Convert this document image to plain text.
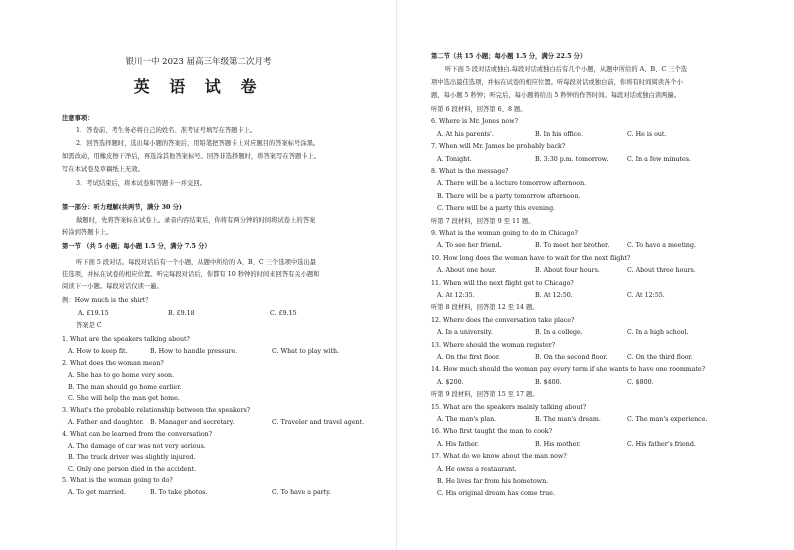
银川一中 2023 届高三年级第二次月考
英 语 试 卷
注意事项：
1．答卷前，考生务必将自己的姓名、准考证号填写在答题卡上。
2．回答选择题时，选出每小题的答案后，用铅笔把答题卡上对应题目的答案标号涂黑。
如需改动，用橡皮擦干净后，再选涂其他答案标号。回答非选择题时，将答案写在答题卡上。
写在本试卷及草稿纸上无效。
3．考试结束后，将本试卷和答题卡一并交回。
第一部分：听力理解(共两节，满分 30 分)
做题时，先将答案标在试卷上。录音内容结束后，你将有两分钟的时间将试卷上的答案
转涂到答题卡上。
第一节 （共 5 小题；每小题 1.5 分，满分 7.5 分）
听下面 5 段对话。每段对话后有一个小题，从题中所给的 A、B、C 三个选项中选出最
佳选项，并标在试卷的相应位置。听完每段对话后，你都有 10 秒钟的时间来回答有关小题和
阅读下一小题。每段对话仅读一遍。
例：How much is the shirt？
A. £19.15	B. £9.18	C. £9.15
答案是 C
1. What are the speakers talking about?
A. How to keep fit.	B. How to handle pressure.	C. What to play with.
2. What does the woman mean?
A. She has to go home very soon.
B. The man should go home earlier.
C. She will help the man get home.
3. What's the probable relationship between the speakers?
A. Father and daughter. B. Manager and secretary.	C. Traveler and travel agent.
4. What can be learned from the conversation?
A. The damage of car was not very serious.
B. The truck driver was slightly injured.
C. Only one person died in the accident.
5. What is the woman going to do?
A. To get married.	B. To take photos.	C. To have a party.
第二节（共 15 小题；每小题 1.5 分，满分 22.5 分）
听下面 5 段对话或独白.每段对话或独白后有几个小题，从题中所给的 A、B、C 三个选
项中选出最佳选项，并标在试卷的相应位置。听每段对话或独白前，你将有时间阅读各个小
题，每小题 5 秒钟；听完后，每小题将给出 5 秒钟的作答时间。每段对话或独白读两遍。
听第 6 段材料，回答第 6、8 题。
6. Where is Mr. Jones now?
A. At his parents'.	B. In his office.	C. He is out.
7. When will Mr. James be probably back?
A. Tonight.	B. 3:30 p.m. tomorrow.	C. In a few minutes.
8. What is the message?
A. There will be a lecture tomorrow afternoon.
B. There will be a party tomorrow afternoon.
C. There will be a party this evening.
听第 7 段材料，回答第 9 至 11 题。
9. What is the woman going to do in Chicago?
A. To see her friend.	B. To meet her brother.	C. To have a meeting.
10. How long does the woman have to wait for the next flight?
A. About one hour.	B. About four hours.	C. About three hours.
11. When will the next flight get to Chicago?
A. At 12:35.	B. At 12:50.	C. At 12:55.
听第 8 段材料，回答第 12 至 14 题。
12. Where does the conversation take place?
A. In a university.	B. In a college.	C. In a high school.
13. Where should the woman register?
A. On the first floor.	B. On the second floor.	C. On the third floor.
14. How much should the woman pay every term if she wants to have one roommate?
A. $200.	B. $400.	C. $800.
听第 9 段材料，回答第 15 至 17 题。
15. What are the speakers mainly talking about?
A. The man's plan.	B. The man's dream.	C. The man's experience.
16. Who first taught the man to cook?
A. His father.	B. His mother.	C. His father's friend.
17. What do we know about the man now?
A. He owns a restaurant.
B. He lives far from his hometown.
C. His original dream has come true.
